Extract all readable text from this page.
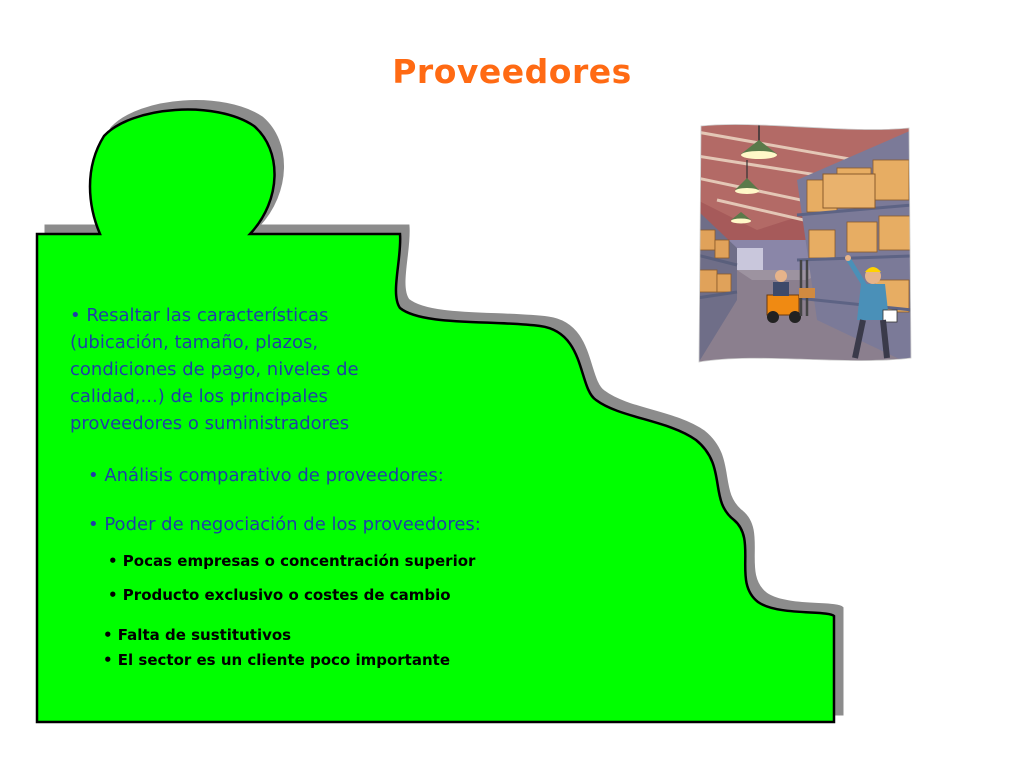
Proveedores
• Resaltar las características
(ubicación, tamaño, plazos,
condiciones de pago, niveles de
calidad,...) de los principales
proveedores o suministradores
• Análisis comparativo de proveedores:
• Poder de negociación de los proveedores:
• Pocas empresas o concentración superior
• Producto exclusivo o costes de cambio
• Falta de sustitutivos
• El sector es un cliente poco importante
